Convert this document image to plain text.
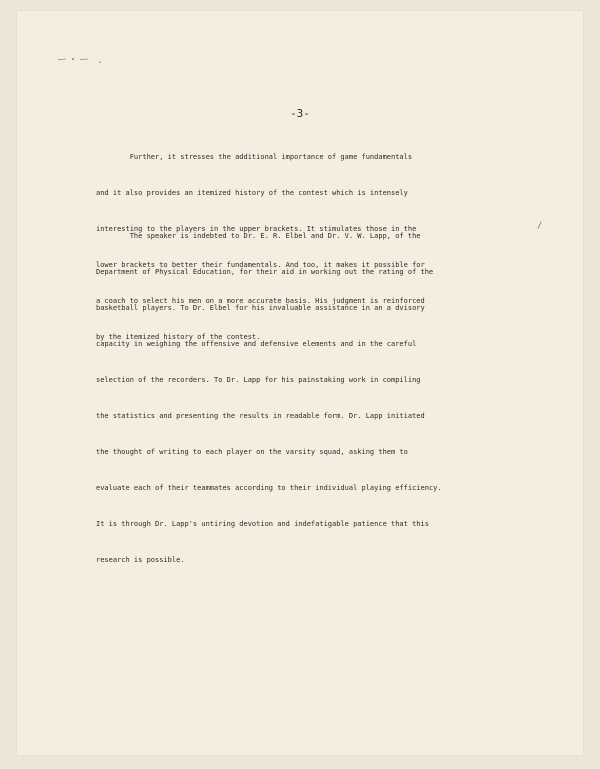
ー・ー .
/
-3-

Further, it stresses the additional importance of game fundamentals

and it also provides an itemized history of the contest which is intensely

interesting to the players in the upper brackets. It stimulates those in the

lower brackets to better their fundamentals. And too, it makes it possible for

a coach to select his men on a more accurate basis. His judgment is reinforced

by the itemized history of the contest.

The speaker is indebted to Dr. E. R. Elbel and Dr. V. W. Lapp, of the

Department of Physical Education, for their aid in working out the rating of the

basketball players. To Dr. Elbel for his invaluable assistance in an a dvisory

capacity in weighing the offensive and defensive elements and in the careful

selection of the recorders. To Dr. Lapp for his painstaking work in compiling

the statistics and presenting the results in readable form. Dr. Lapp initiated

the thought of writing to each player on the varsity squad, asking them to

evaluate each of their teammates according to their individual playing efficiency.

It is through Dr. Lapp's untiring devotion and indefatigable patience that this

research is possible.
